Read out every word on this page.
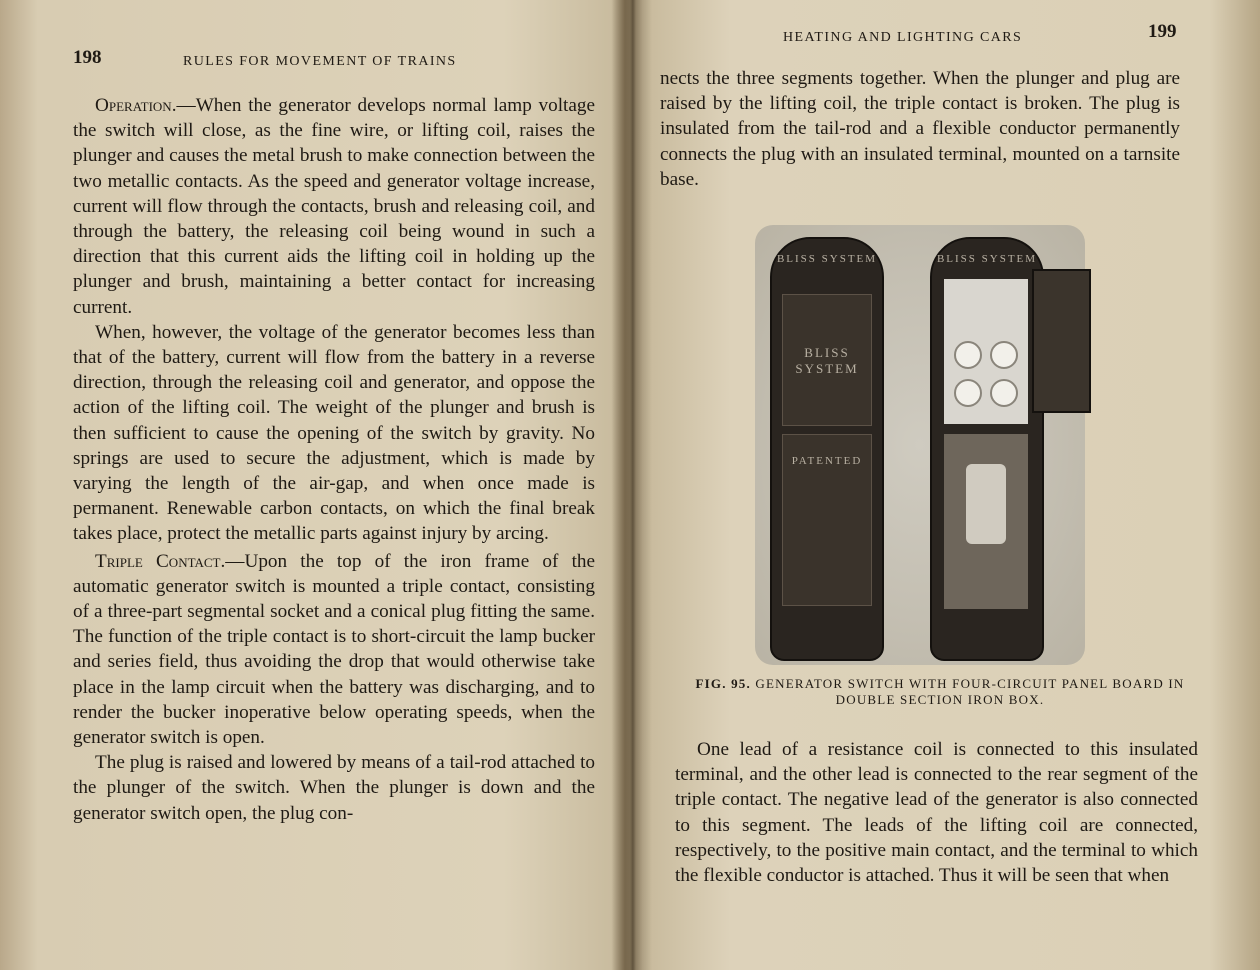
198	RULES FOR MOVEMENT OF TRAINS

Operation.—When the generator develops normal lamp voltage the switch will close, as the fine wire, or lifting coil, raises the plunger and causes the metal brush to make connection between the two metallic contacts. As the speed and generator voltage increase, current will flow through the contacts, brush and releasing coil, and through the battery, the releasing coil being wound in such a direction that this current aids the lifting coil in holding up the plunger and brush, maintaining a better contact for increasing current.

When, however, the voltage of the generator becomes less than that of the battery, current will flow from the battery in a reverse direction, through the releasing coil and generator, and oppose the action of the lifting coil. The weight of the plunger and brush is then sufficient to cause the opening of the switch by gravity. No springs are used to secure the adjustment, which is made by varying the length of the air-gap, and when once made is permanent. Renewable carbon contacts, on which the final break takes place, protect the metallic parts against injury by arcing.

Triple Contact.—Upon the top of the iron frame of the automatic generator switch is mounted a triple contact, consisting of a three-part segmental socket and a conical plug fitting the same. The function of the triple contact is to short-circuit the lamp bucker and series field, thus avoiding the drop that would otherwise take place in the lamp circuit when the battery was discharging, and to render the bucker inoperative below operating speeds, when the generator switch is open.

The plug is raised and lowered by means of a tail-rod attached to the plunger of the switch. When the plunger is down and the generator switch open, the plug con-

HEATING AND LIGHTING CARS	199

nects the three segments together. When the plunger and plug are raised by the lifting coil, the triple contact is broken. The plug is insulated from the tail-rod and a flexible conductor permanently connects the plug with an insulated terminal, mounted on a tarnsite base.

BLISS SYSTEM
BLISS SYSTEM
PATENTED
BLISS SYSTEM
FIG. 95. GENERATOR SWITCH WITH FOUR-CIRCUIT PANEL BOARD IN DOUBLE SECTION IRON BOX.

One lead of a resistance coil is connected to this insulated terminal, and the other lead is connected to the rear segment of the triple contact. The negative lead of the generator is also connected to this segment. The leads of the lifting coil are connected, respectively, to the positive main contact, and the terminal to which the flexible conductor is attached. Thus it will be seen that when
